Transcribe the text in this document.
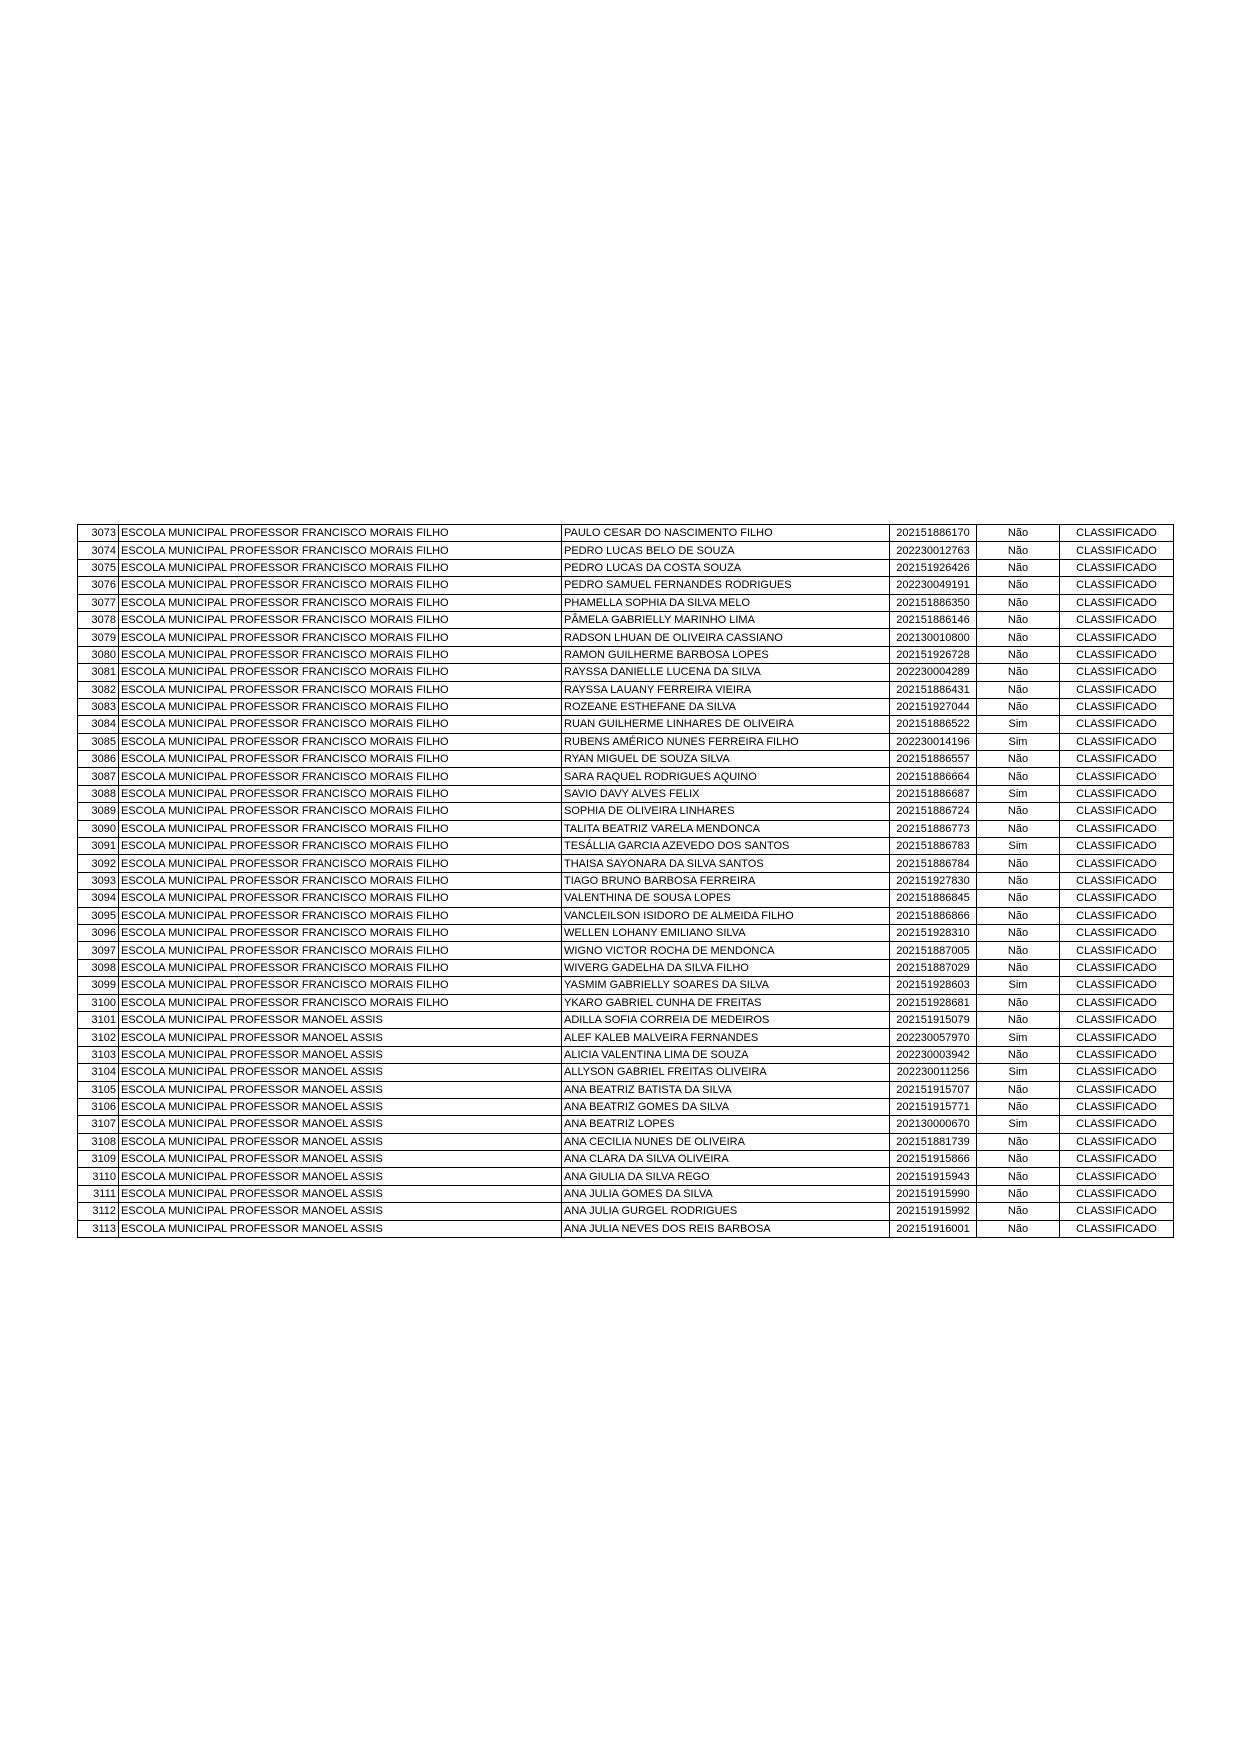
3073	ESCOLA MUNICIPAL PROFESSOR FRANCISCO MORAIS FILHO	PAULO CESAR DO NASCIMENTO FILHO	202151886170	Não	CLASSIFICADO
3074	ESCOLA MUNICIPAL PROFESSOR FRANCISCO MORAIS FILHO	PEDRO LUCAS BELO DE SOUZA	202230012763	Não	CLASSIFICADO
3075	ESCOLA MUNICIPAL PROFESSOR FRANCISCO MORAIS FILHO	PEDRO LUCAS DA COSTA SOUZA	202151926426	Não	CLASSIFICADO
3076	ESCOLA MUNICIPAL PROFESSOR FRANCISCO MORAIS FILHO	PEDRO SAMUEL FERNANDES RODRIGUES	202230049191	Não	CLASSIFICADO
3077	ESCOLA MUNICIPAL PROFESSOR FRANCISCO MORAIS FILHO	PHAMELLA SOPHIA DA SILVA MELO	202151886350	Não	CLASSIFICADO
3078	ESCOLA MUNICIPAL PROFESSOR FRANCISCO MORAIS FILHO	PÂMELA GABRIELLY MARINHO LIMA	202151886146	Não	CLASSIFICADO
3079	ESCOLA MUNICIPAL PROFESSOR FRANCISCO MORAIS FILHO	RADSON LHUAN DE OLIVEIRA CASSIANO	202130010800	Não	CLASSIFICADO
3080	ESCOLA MUNICIPAL PROFESSOR FRANCISCO MORAIS FILHO	RAMON GUILHERME BARBOSA LOPES	202151926728	Não	CLASSIFICADO
3081	ESCOLA MUNICIPAL PROFESSOR FRANCISCO MORAIS FILHO	RAYSSA DANIELLE LUCENA DA SILVA	202230004289	Não	CLASSIFICADO
3082	ESCOLA MUNICIPAL PROFESSOR FRANCISCO MORAIS FILHO	RAYSSA LAUANY FERREIRA VIEIRA	202151886431	Não	CLASSIFICADO
3083	ESCOLA MUNICIPAL PROFESSOR FRANCISCO MORAIS FILHO	ROZEANE ESTHEFANE DA SILVA	202151927044	Não	CLASSIFICADO
3084	ESCOLA MUNICIPAL PROFESSOR FRANCISCO MORAIS FILHO	RUAN GUILHERME LINHARES DE OLIVEIRA	202151886522	Sim	CLASSIFICADO
3085	ESCOLA MUNICIPAL PROFESSOR FRANCISCO MORAIS FILHO	RUBENS AMÉRICO NUNES FERREIRA FILHO	202230014196	Sim	CLASSIFICADO
3086	ESCOLA MUNICIPAL PROFESSOR FRANCISCO MORAIS FILHO	RYAN MIGUEL DE SOUZA SILVA	202151886557	Não	CLASSIFICADO
3087	ESCOLA MUNICIPAL PROFESSOR FRANCISCO MORAIS FILHO	SARA RAQUEL RODRIGUES AQUINO	202151886664	Não	CLASSIFICADO
3088	ESCOLA MUNICIPAL PROFESSOR FRANCISCO MORAIS FILHO	SAVIO DAVY ALVES FELIX	202151886687	Sim	CLASSIFICADO
3089	ESCOLA MUNICIPAL PROFESSOR FRANCISCO MORAIS FILHO	SOPHIA DE OLIVEIRA LINHARES	202151886724	Não	CLASSIFICADO
3090	ESCOLA MUNICIPAL PROFESSOR FRANCISCO MORAIS FILHO	TALITA BEATRIZ VARELA MENDONCA	202151886773	Não	CLASSIFICADO
3091	ESCOLA MUNICIPAL PROFESSOR FRANCISCO MORAIS FILHO	TESÁLLIA GARCIA AZEVEDO DOS SANTOS	202151886783	Sim	CLASSIFICADO
3092	ESCOLA MUNICIPAL PROFESSOR FRANCISCO MORAIS FILHO	THAISA SAYONARA DA SILVA SANTOS	202151886784	Não	CLASSIFICADO
3093	ESCOLA MUNICIPAL PROFESSOR FRANCISCO MORAIS FILHO	TIAGO BRUNO BARBOSA FERREIRA	202151927830	Não	CLASSIFICADO
3094	ESCOLA MUNICIPAL PROFESSOR FRANCISCO MORAIS FILHO	VALENTHINA DE SOUSA LOPES	202151886845	Não	CLASSIFICADO
3095	ESCOLA MUNICIPAL PROFESSOR FRANCISCO MORAIS FILHO	VANCLEILSON ISIDORO DE ALMEIDA FILHO	202151886866	Não	CLASSIFICADO
3096	ESCOLA MUNICIPAL PROFESSOR FRANCISCO MORAIS FILHO	WELLEN LOHANY EMILIANO SILVA	202151928310	Não	CLASSIFICADO
3097	ESCOLA MUNICIPAL PROFESSOR FRANCISCO MORAIS FILHO	WIGNO VICTOR ROCHA DE MENDONCA	202151887005	Não	CLASSIFICADO
3098	ESCOLA MUNICIPAL PROFESSOR FRANCISCO MORAIS FILHO	WIVERG GADELHA DA SILVA FILHO	202151887029	Não	CLASSIFICADO
3099	ESCOLA MUNICIPAL PROFESSOR FRANCISCO MORAIS FILHO	YASMIM GABRIELLY SOARES DA SILVA	202151928603	Sim	CLASSIFICADO
3100	ESCOLA MUNICIPAL PROFESSOR FRANCISCO MORAIS FILHO	YKARO GABRIEL CUNHA DE FREITAS	202151928681	Não	CLASSIFICADO
3101	ESCOLA MUNICIPAL PROFESSOR MANOEL ASSIS	ADILLA SOFIA CORREIA DE MEDEIROS	202151915079	Não	CLASSIFICADO
3102	ESCOLA MUNICIPAL PROFESSOR MANOEL ASSIS	ALEF KALEB MALVEIRA FERNANDES	202230057970	Sim	CLASSIFICADO
3103	ESCOLA MUNICIPAL PROFESSOR MANOEL ASSIS	ALICIA VALENTINA LIMA DE SOUZA	202230003942	Não	CLASSIFICADO
3104	ESCOLA MUNICIPAL PROFESSOR MANOEL ASSIS	ALLYSON GABRIEL FREITAS OLIVEIRA	202230011256	Sim	CLASSIFICADO
3105	ESCOLA MUNICIPAL PROFESSOR MANOEL ASSIS	ANA BEATRIZ BATISTA DA SILVA	202151915707	Não	CLASSIFICADO
3106	ESCOLA MUNICIPAL PROFESSOR MANOEL ASSIS	ANA BEATRIZ GOMES DA SILVA	202151915771	Não	CLASSIFICADO
3107	ESCOLA MUNICIPAL PROFESSOR MANOEL ASSIS	ANA BEATRIZ LOPES	202130000670	Sim	CLASSIFICADO
3108	ESCOLA MUNICIPAL PROFESSOR MANOEL ASSIS	ANA CECILIA NUNES DE OLIVEIRA	202151881739	Não	CLASSIFICADO
3109	ESCOLA MUNICIPAL PROFESSOR MANOEL ASSIS	ANA CLARA DA SILVA OLIVEIRA	202151915866	Não	CLASSIFICADO
3110	ESCOLA MUNICIPAL PROFESSOR MANOEL ASSIS	ANA GIULIA DA SILVA REGO	202151915943	Não	CLASSIFICADO
3111	ESCOLA MUNICIPAL PROFESSOR MANOEL ASSIS	ANA JULIA GOMES DA SILVA	202151915990	Não	CLASSIFICADO
3112	ESCOLA MUNICIPAL PROFESSOR MANOEL ASSIS	ANA JULIA GURGEL RODRIGUES	202151915992	Não	CLASSIFICADO
3113	ESCOLA MUNICIPAL PROFESSOR MANOEL ASSIS	ANA JULIA NEVES DOS REIS BARBOSA	202151916001	Não	CLASSIFICADO
